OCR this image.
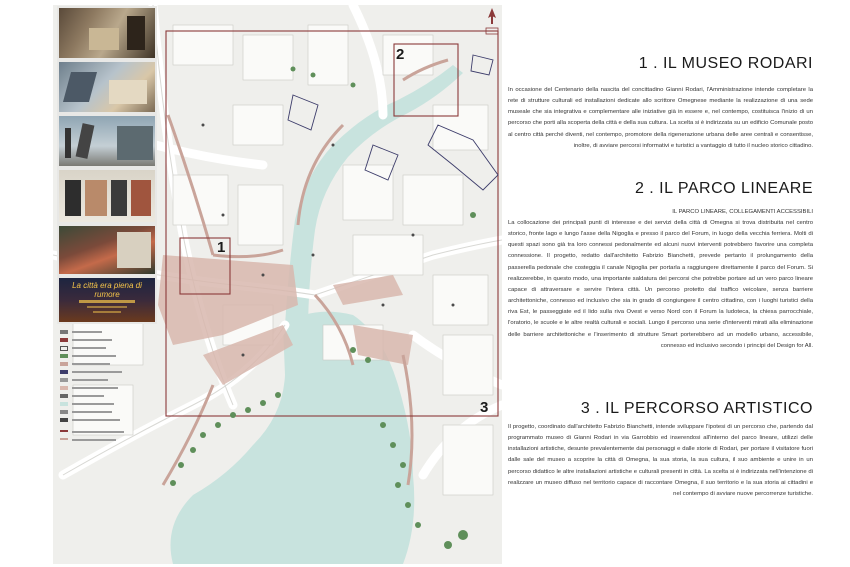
1
2
3
La città era piena di rumore
1 . IL MUSEO RODARI
In occasione del Centenario della nascita del concittadino Gianni Rodari, l'Amministrazione intende completare la rete di strutture culturali ed installazioni dedicate allo scrittore Omegnese mediante la realizzazione di una sede museale che sia integrativa e complementare alle iniziative già in essere e, nel contempo, costituisca l'inizio di un percorso che porti alla scoperta della città e della sua cultura. La scelta si è indirizzata su un edificio Comunale posto al centro città perché diventi, nel contempo, promotore della rigenerazione urbana delle aree centrali e consentisse, inoltre, di avviare percorsi informativi e turistici a vantaggio di tutto il nucleo storico cittadino.
2 . IL PARCO LINEARE
IL PARCO LINEARE, COLLEGAMENTI ACCESSIBILI
La collocazione dei principali punti di interesse e dei servizi della città di Omegna si trova distribuita nel centro storico, fronte lago e lungo l'asse della Nigoglia e presso il parco del Forum, in luogo della vecchia ferriera. Molti di questi spazi sono già tra loro connessi pedonalmente ed alcuni nuovi interventi potrebbero favorire una completa connessione. Il progetto, redatto dall'architetto Fabrizio Bianchetti, prevede pertanto il prolungamento della passerella pedonale che costeggia il canale Nigoglia per portarla a raggiungere direttamente il parco del Forum. Si realizzerebbe, in questo modo, una importante saldatura dei percorsi che potrebbe portare ad un vero parco lineare capace di attraversare e servire l'intera città. Un percorso protetto dal traffico veicolare, senza barriere architettoniche, connesso ed inclusivo che sia in grado di congiungere il centro cittadino, con i luoghi turistici della riva Est, le passeggiate ed il lido sulla riva Ovest e verso Nord con il Forum la ludoteca, la chiesa parrocchiale, l'oratorio, le scuole e le altre realtà culturali e sociali. Lungo il percorso una serie d'interventi mirati alla eliminazione delle barriere architettoniche e l'inserimento di strutture Smart porterebbero ad un modello urbano, accessibile, connesso ed inclusivo secondo i principi del Design for All.
3 . IL PERCORSO ARTISTICO
Il progetto, coordinato dall'architetto Fabrizio Bianchetti, intende sviluppare l'ipotesi di un percorso che, partendo dal programmato museo di Gianni Rodari in via Garrobbio ed inserendosi all'interno del parco lineare, utilizzi delle installazioni artistiche, desunte prevalentemente dai personaggi e dalle storie di Rodari, per portare il visitatore fuori dalle sale del museo a scoprire la città di Omegna, la sua storia, la sua cultura, il suo ambiente e unire in un percorso didattico le altre installazioni artistiche e culturali presenti in città. La scelta si è indirizzata nell'intenzione di realizzare un museo diffuso nel territorio capace di raccontare Omegna, il suo territorio e la sua storia ai cittadini e nel contempo di avviare nuove percorrenze turistiche.
